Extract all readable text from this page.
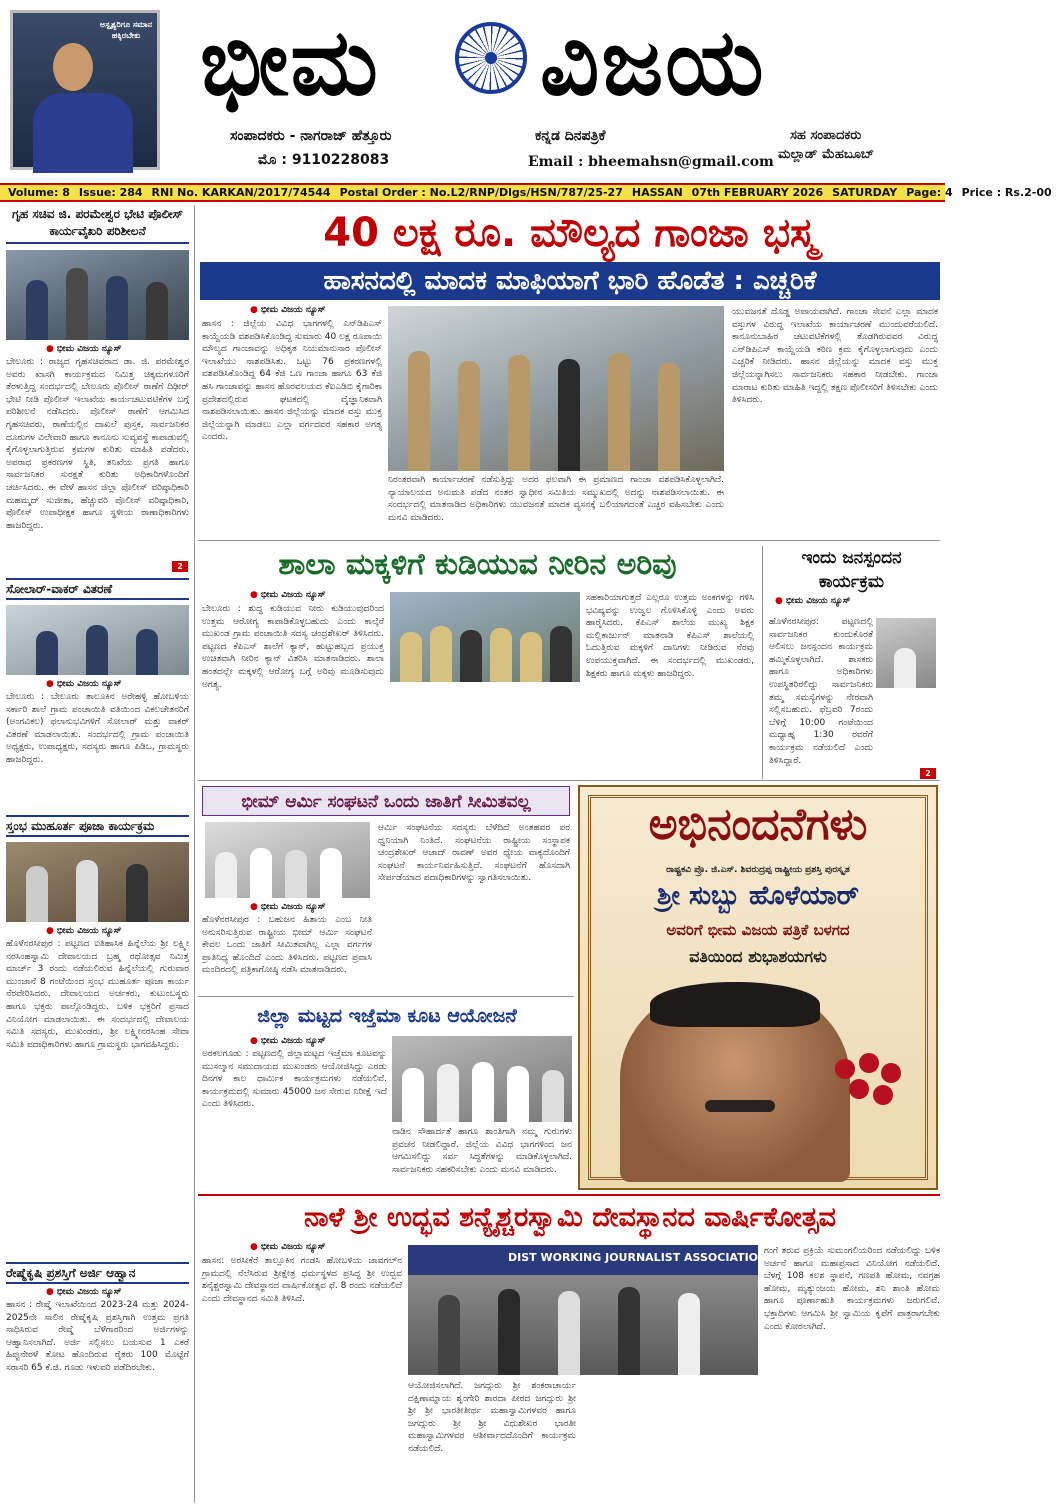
ಅಸ್ಪೃಶ್ಯರಿಗೂ ಸಮಾನ ಹಕ್ಕಿರಬೇಕು ಭೀಮ	ವಿಜಯ
ಸಂಪಾದಕರು - ನಾಗರಾಜ್ ಹೆತ್ತೂರು
ಮೊ : 9110228083
ಕನ್ನಡ ದಿನಪತ್ರಿಕೆ
Email : bheemahsn@gmail.com
ಸಹ ಸಂಪಾದಕರು
ಮಲ್ಲಾಡ್ ಮೆಹಬೂಬ್
Volume: 8 Issue: 284 RNI No. KARKAN/2017/74544 Postal Order : No.L2/RNP/Dlgs/HSN/787/25-27 HASSAN 07th FEBRUARY 2026 SATURDAY Page: 4 Price : Rs.2-00
ಗೃಹ ಸಚಿವ ಜಿ. ಪರಮೇಶ್ವರ ಭೇಟಿ ಪೊಲೀಸ್ ಕಾರ್ಯವೈಖರಿ ಪರಿಶೀಲನೆ
● ಭೀಮ ವಿಜಯ ನ್ಯೂಸ್
ಬೇಲೂರು : ರಾಜ್ಯದ ಗೃಹಸಚಿವರಾದ ಡಾ. ಜಿ. ಪರಮೇಶ್ವರ ಅವರು ಖಾಸಗಿ ಕಾರ್ಯಕ್ರಮದ ನಿಮಿತ್ತ ಚಿಕ್ಕಮಗಳೂರಿಗೆ ತೆರಳುತ್ತಿದ್ದ ಸಂದರ್ಭದಲ್ಲಿ ಬೇಲೂರು ಪೊಲೀಸ್ ಠಾಣೆಗೆ ದಿಢೀರ್ ಭೇಟಿ ನೀಡಿ ಪೊಲೀಸ್ ಇಲಾಖೆಯ ಕಾರ್ಯಚಟುವಟಿಕೆಗಳ ಬಗ್ಗೆ ಪರಿಶೀಲನೆ ನಡೆಸಿದರು. ಪೊಲೀಸ್ ಠಾಣೆಗೆ ಆಗಮಿಸಿದ ಗೃಹಸಚಿವರು, ಠಾಣೆಯಲ್ಲಿನ ದಾಖಲೆ ಪುಸ್ತಕ, ಸಾರ್ವಜನಿಕರ ದೂರುಗಳ ವಿಲೇವಾರಿ ಹಾಗೂ ಕಾನೂನು ಸುವ್ಯವಸ್ಥೆ ಕಾಪಾಡುವಲ್ಲಿ ಕೈಗೊಳ್ಳಲಾಗುತ್ತಿರುವ ಕ್ರಮಗಳ ಕುರಿತು ಮಾಹಿತಿ ಪಡೆದರು. ಅಪರಾಧ ಪ್ರಕರಣಗಳ ಸ್ಥಿತಿ, ತನಿಖೆಯ ಪ್ರಗತಿ ಹಾಗೂ ಸಾರ್ವಜನಿಕರ ಸುರಕ್ಷತೆ ಕುರಿತು ಅಧಿಕಾರಿಗಳೊಂದಿಗೆ ಚರ್ಚಿಸಿದರು. ಈ ವೇಳೆ ಹಾಸನ ಜಿಲ್ಲಾ ಪೊಲೀಸ್ ವರಿಷ್ಠಾಧಿಕಾರಿ ಮಹಮ್ಮದ್ ಸುಜೀತಾ, ಹೆಚ್ಚುವರಿ ಪೊಲೀಸ್ ವರಿಷ್ಠಾಧಿಕಾರಿ, ಪೊಲೀಸ್ ಉಪಾಧೀಕ್ಷಕ ಹಾಗೂ ಸ್ಥಳೀಯ ಠಾಣಾಧಿಕಾರಿಗಳು ಹಾಜರಿದ್ದರು.
2
ಸೋಲಾರ್-ವಾಕರ್ ವಿತರಣೆ
● ಭೀಮ ವಿಜಯ ನ್ಯೂಸ್
ಬೇಲೂರು : ಬೇಲೂರು ತಾಲೂಕಿನ ಅರೇಹಳ್ಳಿ ಹೋಬಳಿಯ ಸರ್ಕಾರಿ ಶಾಲೆ ಗ್ರಾಮ ಪಂಚಾಯಿತಿ ವತಿಯಿಂದ ವಿಕಲಚೇತನರಿಗೆ (ಅಂಗವಿಕಲ) ಫಲಾನುಭವಿಗಳಿಗೆ ಸೋಲಾರ್ ಮತ್ತು ವಾಕರ್ ವಿತರಣೆ ಮಾಡಲಾಯಿತು. ಸಂದರ್ಭದಲ್ಲಿ ಗ್ರಾಮ ಪಂಚಾಯಿತಿ ಅಧ್ಯಕ್ಷರು, ಉಪಾಧ್ಯಕ್ಷರು, ಸದಸ್ಯರು ಹಾಗೂ ಪಿಡಿಒ, ಗ್ರಾಮಸ್ಥರು ಹಾಜರಿದ್ದರು.
ಸ್ತಂಭ ಮುಹೂರ್ತ ಪೂಜಾ ಕಾರ್ಯಕ್ರಮ
● ಭೀಮ ವಿಜಯ ನ್ಯೂಸ್
ಹೊಳೆನರಸೀಪುರ : ಪಟ್ಟಣದ ಐತಿಹಾಸಿಕ ಹಿನ್ನೆಲೆಯ ಶ್ರೀ ಲಕ್ಷ್ಮೀ ನರಸಿಂಹಸ್ವಾಮಿ ದೇವಾಲಯದ ಬ್ರಹ್ಮ ರಥೋತ್ಸವ ನಿಮಿತ್ತ ಮಾರ್ಚ್ 3 ರಂದು ನಡೆಯಲಿರುವ ಹಿನ್ನೆಲೆಯಲ್ಲಿ ಗುರುವಾರ ಮುಂಜಾನೆ 8 ಗಂಟೆಯಿಂದ ಸ್ತಂಭ ಮುಹೂರ್ತ ಪೂಜಾ ಕಾರ್ಯ ನೆರವೇರಿಸಿದರು. ದೇವಾಲಯದ ಅರ್ಚಕರು, ಕುಟುಂಬಸ್ಥರು ಹಾಗೂ ಭಕ್ತರು ಪಾಲ್ಗೊಂಡಿದ್ದರು. ಬಳಿಕ ಭಕ್ತರಿಗೆ ಪ್ರಸಾದ ವಿನಿಯೋಗ ಮಾಡಲಾಯಿತು. ಈ ಸಂದರ್ಭದಲ್ಲಿ ದೇವಾಲಯ ಸಮಿತಿ ಸದಸ್ಯರು, ಮುಖಂಡರು, ಶ್ರೀ ಲಕ್ಷ್ಮೀನರಸಿಂಹ ಸೇವಾ ಸಮಿತಿ ಪದಾಧಿಕಾರಿಗಳು ಹಾಗೂ ಗ್ರಾಮಸ್ಥರು ಭಾಗವಹಿಸಿದ್ದರು.
ರೇಷ್ಮೆಕೃಷಿ ಪ್ರಶಸ್ತಿಗೆ ಅರ್ಜಿ ಆಹ್ವಾನ
● ಭೀಮ ವಿಜಯ ನ್ಯೂಸ್
ಹಾಸನ : ರೇಷ್ಮೆ ಇಲಾಖೆಯಿಂದ 2023-24 ಮತ್ತು 2024-2025ನೇ ಸಾಲಿನ ರೇಷ್ಮೆಕೃಷಿ ಪ್ರಶಸ್ತಿಗಾಗಿ ಉತ್ತಮ ಪ್ರಗತಿ ಸಾಧಿಸಿರುವ ರೇಷ್ಮೆ ಬೆಳೆಗಾರರಿಂದ ಅರ್ಜಿಗಳನ್ನು ಆಹ್ವಾನಿಸಲಾಗಿದೆ. ಅರ್ಜಿ ಸಲ್ಲಿಸಲು ಬಯಸುವ 1 ಎಕರೆ ಹಿಪ್ಪುನೇರಳೆ ತೋಟ ಹೊಂದಿರುವ ರೈತರು 100 ಮೊಟ್ಟೆಗೆ ಸರಾಸರಿ 65 ಕೆ.ಜಿ. ಗೂಡು ಇಳುವರಿ ಪಡೆದಿರಬೇಕು.
40 ಲಕ್ಷ ರೂ. ಮೌಲ್ಯದ ಗಾಂಜಾ ಭಸ್ಮ
ಹಾಸನದಲ್ಲಿ ಮಾದಕ ಮಾಫಿಯಾಗೆ ಭಾರಿ ಹೊಡೆತ : ಎಚ್ಚರಿಕೆ
● ಭೀಮ ವಿಜಯ ನ್ಯೂಸ್
ಹಾಸನ : ಜಿಲ್ಲೆಯ ವಿವಿಧ ಭಾಗಗಳಲ್ಲಿ ಎನ್‌ಡಿಪಿಎಸ್ ಕಾಯ್ದೆಯಡಿ ವಶಪಡಿಸಿಕೊಂಡಿದ್ದ ಸುಮಾರು 40 ಲಕ್ಷ ರೂಪಾಯಿ ಮೌಲ್ಯದ ಗಾಂಜಾವನ್ನು ಅಧಿಕೃತ ನಿಯಮಾನುಸಾರ ಪೊಲೀಸ್ ಇಲಾಖೆಯು ನಾಶಪಡಿಸಿತು. ಒಟ್ಟು 76 ಪ್ರಕರಣಗಳಲ್ಲಿ ವಶಪಡಿಸಿಕೊಂಡಿದ್ದ 64 ಕೆಜಿ ಒಣ ಗಾಂಜಾ ಹಾಗೂ 63 ಕೆಜಿ ಹಸಿ ಗಾಂಜಾವನ್ನು ಹಾಸನ ಹೊರವಲಯದ ಕೆಐಎಡಿಬಿ ಕೈಗಾರಿಕಾ ಪ್ರದೇಶದಲ್ಲಿರುವ ಘಟಕದಲ್ಲಿ ವೈಜ್ಞಾನಿಕವಾಗಿ ನಾಶಪಡಿಸಲಾಯಿತು. ಹಾಸನ ಜಿಲ್ಲೆಯನ್ನು ಮಾದಕ ವಸ್ತು ಮುಕ್ತ ಜಿಲ್ಲೆಯನ್ನಾಗಿ ಮಾಡಲು ಎಲ್ಲಾ ವರ್ಗದವರ ಸಹಕಾರ ಅಗತ್ಯ ಎಂದರು.
ನಿರಂತರವಾಗಿ ಕಾರ್ಯಾಚರಣೆ ನಡೆಸುತ್ತಿದ್ದು ಅದರ ಫಲವಾಗಿ ಈ ಪ್ರಮಾಣದ ಗಾಂಜಾ ವಶಪಡಿಸಿಕೊಳ್ಳಲಾಗಿದೆ. ನ್ಯಾಯಾಲಯದ ಅನುಮತಿ ಪಡೆದ ನಂತರ ಸ್ವಾಧೀನ ಸಮಿತಿಯ ಸಮ್ಮುಖದಲ್ಲಿ ಅದನ್ನು ನಾಶಪಡಿಸಲಾಯಿತು. ಈ ಸಂದರ್ಭದಲ್ಲಿ ಮಾತನಾಡಿದ ಅಧಿಕಾರಿಗಳು ಯುವಜನತೆ ಮಾದಕ ವ್ಯಸನಕ್ಕೆ ಬಲಿಯಾಗದಂತೆ ಎಚ್ಚರ ವಹಿಸಬೇಕು ಎಂದು ಮನವಿ ಮಾಡಿದರು.
ಯುವಜನತೆ ದೊಡ್ಡ ಅಪಾಯವಾಗಿದೆ. ಗಾಂಜಾ ಸೇವನೆ ಎಲ್ಲಾ ಮಾದಕ ವಸ್ತುಗಳ ವಿರುದ್ಧ ಇಲಾಖೆಯ ಕಾರ್ಯಾಚರಣೆ ಮುಂದುವರೆಯಲಿದೆ. ಕಾನೂನುಬಾಹಿರ ಚಟುವಟಿಕೆಗಳಲ್ಲಿ ತೊಡಗಿರುವವರ ವಿರುದ್ಧ ಎನ್‌ಡಿಪಿಎಸ್ ಕಾಯ್ದೆಯಡಿ ಕಠಿಣ ಕ್ರಮ ಕೈಗೊಳ್ಳಲಾಗುವುದು ಎಂದು ಎಚ್ಚರಿಕೆ ನೀಡಿದರು. ಹಾಸನ ಜಿಲ್ಲೆಯನ್ನು ಮಾದಕ ವಸ್ತು ಮುಕ್ತ ಜಿಲ್ಲೆಯನ್ನಾಗಿಸಲು ಸಾರ್ವಜನಿಕರು ಸಹಕಾರ ನೀಡಬೇಕು. ಗಾಂಜಾ ಮಾರಾಟ ಕುರಿತು ಮಾಹಿತಿ ಇದ್ದಲ್ಲಿ ತಕ್ಷಣ ಪೊಲೀಸರಿಗೆ ತಿಳಿಸಬೇಕು ಎಂದು ತಿಳಿಸಿದರು.
ಶಾಲಾ ಮಕ್ಕಳಿಗೆ ಕುಡಿಯುವ ನೀರಿನ ಅರಿವು
● ಭೀಮ ವಿಜಯ ನ್ಯೂಸ್
ಬೇಲೂರು : ಶುದ್ಧ ಕುಡಿಯುವ ನೀರು ಕುಡಿಯುವುದರಿಂದ ಉತ್ತಮ ಆರೋಗ್ಯ ಕಾಪಾಡಿಕೊಳ್ಳಬಹುದು ಎಂದು ಕಾಲ್ಕೆರೆ ಮುಖಂಡ ಗ್ರಾಮ ಪಂಚಾಯಿತಿ ಸದಸ್ಯ ಚಂದ್ರಶೇಖರ್ ತಿಳಿಸಿದರು. ಪಟ್ಟಣದ ಕೆಪಿಎಸ್ ಶಾಲೆಗೆ ಕ್ಯಾನ್, ಹುಟ್ಟುಹಬ್ಬದ ಪ್ರಯುಕ್ತ ಉಚಿತವಾಗಿ ನೀರಿನ ಕ್ಯಾನ್ ವಿತರಿಸಿ ಮಾತನಾಡಿದರು. ಶಾಲಾ ಹಂತದಲ್ಲೇ ಮಕ್ಕಳಲ್ಲಿ ಆರೋಗ್ಯ ಬಗ್ಗೆ ಅರಿವು ಮೂಡಿಸುವುದು ಅಗತ್ಯ.
ಸಹಕಾರಿಯಾಗುತ್ತದೆ ಎಲ್ಲರೂ ಉತ್ತಮ ಅಂಕಗಳನ್ನು ಗಳಿಸಿ ಭವಿಷ್ಯವನ್ನು ಉಜ್ವಲ ಗೊಳಿಸಿಕೊಳ್ಳಿ ಎಂದು ಅವರು ಹಾರೈಸಿದರು. ಕೆಪಿಎಸ್ ಶಾಲೆಯ ಮುಖ್ಯ ಶಿಕ್ಷಕ ಮಲ್ಲಿಕಾರ್ಜುನ್ ಮಾತನಾಡಿ ಕೆಪಿಎಸ್ ಶಾಲೆಯಲ್ಲಿ ಓದುತ್ತಿರುವ ಮಕ್ಕಳಿಗೆ ದಾನಿಗಳು ನೀಡಿರುವ ನೆರವು ಉಪಯುಕ್ತವಾಗಿದೆ. ಈ ಸಂದರ್ಭದಲ್ಲಿ ಮುಖಂಡರು, ಶಿಕ್ಷಕರು ಹಾಗೂ ಮಕ್ಕಳು ಹಾಜರಿದ್ದರು.
ಇಂದು ಜನಸ್ಪಂದನ ಕಾರ್ಯಕ್ರಮ
● ಭೀಮ ವಿಜಯ ನ್ಯೂಸ್
ಹೊಳೆನರಸೀಪುರ: ಪಟ್ಟಣದಲ್ಲಿ ಸಾರ್ವಜನಿಕರ ಕುಂದುಕೊರತೆ ಆಲಿಸಲು ಜನಸ್ಪಂದನ ಕಾರ್ಯಕ್ರಮ ಹಮ್ಮಿಕೊಳ್ಳಲಾಗಿದೆ. ಶಾಸಕರು ಹಾಗೂ ಅಧಿಕಾರಿಗಳು ಉಪಸ್ಥಿತರಿರಲಿದ್ದು ಸಾರ್ವಜನಿಕರು ತಮ್ಮ ಸಮಸ್ಯೆಗಳನ್ನು ನೇರವಾಗಿ ಸಲ್ಲಿಸಬಹುದು. ಫೆಬ್ರವರಿ 7ರಂದು ಬೆಳಿಗ್ಗೆ 10:00 ಗಂಟೆಯಿಂದ ಮಧ್ಯಾಹ್ನ 1:30 ರವರೆಗೆ ಕಾರ್ಯಕ್ರಮ ನಡೆಯಲಿದೆ ಎಂದು ತಿಳಿಸಿದ್ದಾರೆ.
2
ಭೀಮ್ ಆರ್ಮಿ ಸಂಘಟನೆ ಒಂದು ಜಾತಿಗೆ ಸೀಮಿತವಲ್ಲ
● ಭೀಮ ವಿಜಯ ನ್ಯೂಸ್
ಹೊಳೆನರಸೀಪುರ : ಬಹುಜನ ಹಿತಾಯ ಎಂಬ ನೀತಿ ಅನುಸರಿಸುತ್ತಿರುವ ರಾಷ್ಟ್ರೀಯ ಭೀಮ್ ಆರ್ಮಿ ಸಂಘಟನೆ ಕೇವಲ ಒಂದು ಜಾತಿಗೆ ಸೀಮಿತವಾಗಿಲ್ಲ ಎಲ್ಲಾ ವರ್ಗಗಳ ಪ್ರಾತಿನಿಧ್ಯ ಹೊಂದಿದೆ ಎಂದು ತಿಳಿಸಿದರು. ಪಟ್ಟಣದ ಪ್ರವಾಸಿ ಮಂದಿರದಲ್ಲಿ ಪತ್ರಿಕಾಗೋಷ್ಠಿ ನಡೆಸಿ ಮಾತನಾಡಿದರು.
ಆರ್ಮಿ ಸಂಘಟನೆಯ ಸದಸ್ಯರು ಬೆಳೆದಿದೆ ಅಂತಹವರ ಪರ ಧ್ವನಿಯಾಗಿ ನಿಂತಿದೆ. ಸಂಘಟನೆಯ ರಾಷ್ಟ್ರೀಯ ಸಂಸ್ಥಾಪಕ ಚಂದ್ರಶೇಖರ್ ಆಜಾದ್ ರಾವಣ್ ಅವರ ಧ್ಯೇಯ ವಾಕ್ಯದೊಂದಿಗೆ ಸಂಘಟನೆ ಕಾರ್ಯನಿರ್ವಹಿಸುತ್ತಿದೆ. ಸಂಘಟನೆಗೆ ಹೊಸದಾಗಿ ಸೇರ್ಪಡೆಯಾದ ಪದಾಧಿಕಾರಿಗಳನ್ನು ಸ್ವಾಗತಿಸಲಾಯಿತು.
ಜಿಲ್ಲಾ ಮಟ್ಟದ ಇಜ್ತೆಮಾ ಕೂಟ ಆಯೋಜನೆ
● ಭೀಮ ವಿಜಯ ನ್ಯೂಸ್
ಅರಕಲಗೂಡು : ಪಟ್ಟಣದಲ್ಲಿ ಜಿಲ್ಲಾಮಟ್ಟದ ಇಜ್ತೆಮಾ ಕೂಟವನ್ನು ಮುಸಲ್ಮಾನ ಸಮುದಾಯದ ಮುಖಂಡರು ಆಯೋಜಿಸಿದ್ದು ಎರಡು ದಿನಗಳ ಕಾಲ ಧಾರ್ಮಿಕ ಕಾರ್ಯಕ್ರಮಗಳು ನಡೆಯಲಿವೆ. ಕಾರ್ಯಕ್ರಮದಲ್ಲಿ ಸುಮಾರು 45000 ಜನ ಸೇರುವ ನಿರೀಕ್ಷೆ ಇದೆ ಎಂದು ತಿಳಿಸಿದರು.
ನಾಡಿನ ಸೌಹಾರ್ದತೆ ಹಾಗೂ ಶಾಂತಿಗಾಗಿ ನಮ್ಮ ಗುರುಗಳು ಪ್ರವಚನ ನೀಡಲಿದ್ದಾರೆ. ಜಿಲ್ಲೆಯ ವಿವಿಧ ಭಾಗಗಳಿಂದ ಜನ ಆಗಮಿಸಲಿದ್ದು ಸರ್ವ ಸಿದ್ಧತೆಗಳನ್ನು ಮಾಡಿಕೊಳ್ಳಲಾಗಿದೆ. ಸಾರ್ವಜನಿಕರು ಸಹಕರಿಸಬೇಕು ಎಂದು ಮನವಿ ಮಾಡಿದರು.
ಅಭಿನಂದನೆಗಳು
ರಾಷ್ಟ್ರಕವಿ ಪ್ರೊ. ಜಿ.ಎಸ್. ಶಿವರುದ್ರಪ್ಪ ರಾಷ್ಟ್ರೀಯ ಪ್ರಶಸ್ತಿ ಪುರಸ್ಕೃತ
ಶ್ರೀ ಸುಬ್ಬು ಹೊಳೆಯಾರ್
ಅವರಿಗೆ ಭೀಮ ವಿಜಯ ಪತ್ರಿಕೆ ಬಳಗದ
ವತಿಯಿಂದ ಶುಭಾಶಯಗಳು
ನಾಳೆ ಶ್ರೀ ಉದ್ಭವ ಶನ್ಯೈಶ್ಚರಸ್ವಾಮಿ ದೇವಸ್ಥಾನದ ವಾರ್ಷಿಕೋತ್ಸವ
● ಭೀಮ ವಿಜಯ ನ್ಯೂಸ್
ಹಾಸನ: ಅರಸೀಕೆರೆ ತಾಲ್ಲೂಕಿನ ಗಂಡಸಿ ಹೋಬಳಿಯ ಜಾವಗಲ್‌ನ ಗ್ರಾಮದಲ್ಲಿ ನೆಲೆಸಿರುವ ಶ್ರೀಕ್ಷೇತ್ರ ಧರ್ಮಸ್ಥಳದ ಪ್ರಸಿದ್ಧ ಶ್ರೀ ಉದ್ಭವ ಶನೈಶ್ಚರಸ್ವಾಮಿ ದೇವಸ್ಥಾನದ ವಾರ್ಷಿಕೋತ್ಸವ ಫೆ. 8 ರಂದು ನಡೆಯಲಿದೆ ಎಂದು ದೇವಸ್ಥಾನದ ಸಮಿತಿ ತಿಳಿಸಿದೆ.
DIST WORKING JOURNALIST ASSOCIATION (R)
ಆಯೋಜಿಸಲಾಗಿದೆ. ಜಗದ್ಗುರು ಶ್ರೀ ಶಂಕರಾಚಾರ್ಯ ದಕ್ಷಿಣಾಮ್ನಾಯ ಶೃಂಗೇರಿ ಶಾರದಾ ಪೀಠದ ಜಗದ್ಗುರು ಶ್ರೀ ಶ್ರೀ ಶ್ರೀ ಭಾರತೀತೀರ್ಥ ಮಹಾಸ್ವಾಮಿಗಳವರ ಹಾಗೂ ಜಗದ್ಗುರು ಶ್ರೀ ಶ್ರೀ ವಿಧುಶೇಖರ ಭಾರತೀ ಮಹಾಸ್ವಾಮಿಗಳವರ ಆಶೀರ್ವಾದದೊಂದಿಗೆ ಕಾರ್ಯಕ್ರಮ ನಡೆಯಲಿದೆ.
ಗಂಗೆ ತರುವ ಪ್ರಕ್ರಿಯೆ ಸುಮಂಗಲಿಯರಿಂದ ನಡೆಯಲಿದ್ದು ಬಳಿಕ ಅರ್ಚನೆ ಹಾಗೂ ಮಹಾಪ್ರಸಾದ ವಿನಿಯೋಗ ನಡೆಯಲಿದೆ. ಬೆಳಗ್ಗೆ 108 ಕಲಶ ಸ್ಥಾಪನೆ, ಗಣಪತಿ ಹೋಮ, ನವಗ್ರಹ ಹೋಮ, ಮೃತ್ಯುಂಜಯ ಹೋಮ, ಶನಿ ಶಾಂತಿ ಹೋಮ ಹಾಗೂ ಪೂರ್ಣಾಹುತಿ ಕಾರ್ಯಕ್ರಮಗಳು ಜರುಗಲಿವೆ. ಭಕ್ತಾದಿಗಳು ಆಗಮಿಸಿ ಶ್ರೀ ಸ್ವಾಮಿಯ ಕೃಪೆಗೆ ಪಾತ್ರರಾಗಬೇಕು ಎಂದು ಕೋರಲಾಗಿದೆ.
